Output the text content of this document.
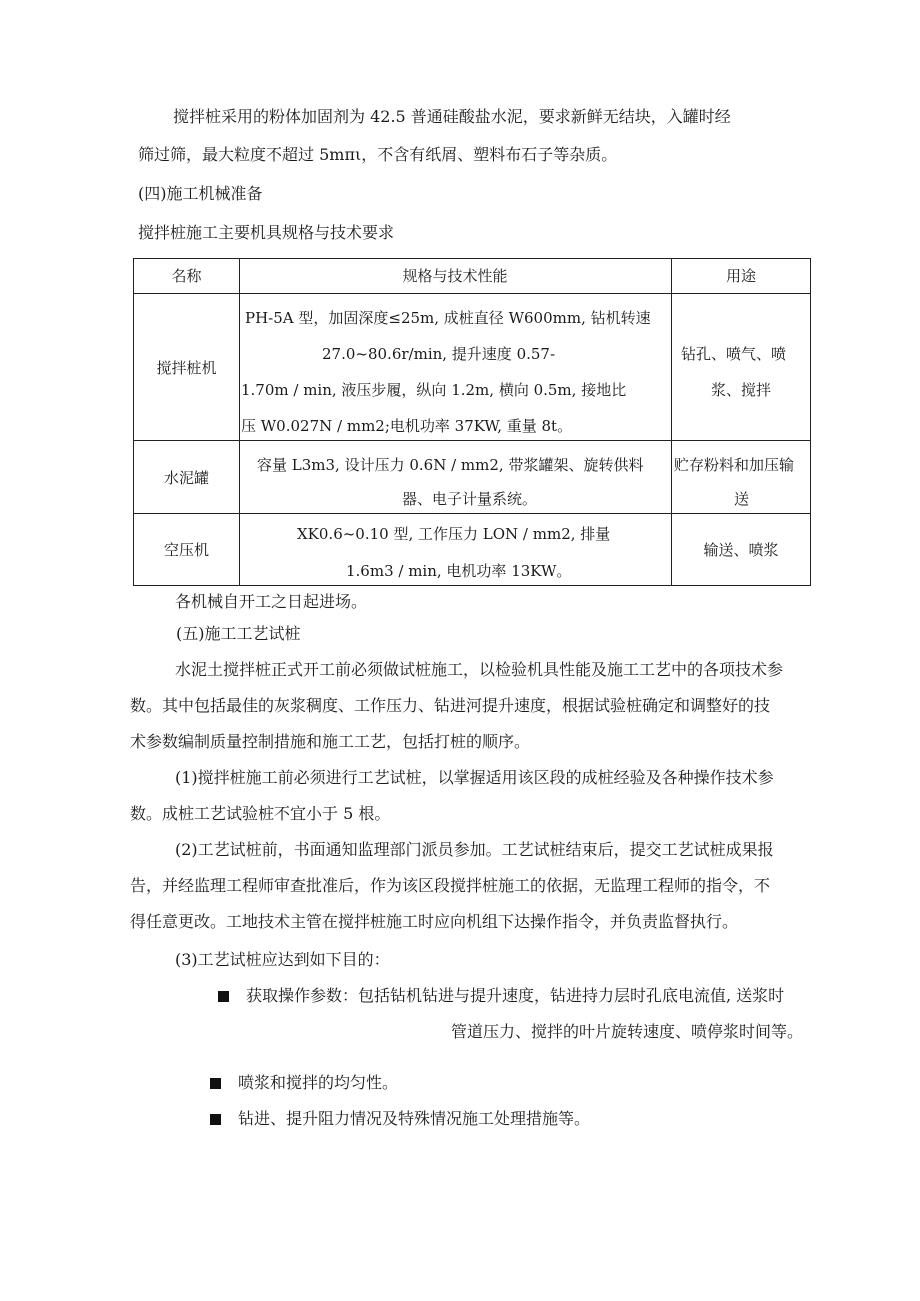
搅拌桩采用的粉体加固剂为 42.5 普通硅酸盐水泥，要求新鲜无结块，入罐时经
筛过筛，最大粒度不超过 5mπι，不含有纸屑、塑料布石子等杂质。
(四)施工机械准备
搅拌桩施工主要机具规格与技术要求
名称	规格与技术性能	用途
搅拌桩机
PH-5A 型，加固深度≤25m, 成桩直径 W600mm, 钻机转速
27.0~80.6r/min, 提升速度 0.57-
1.70m / min, 液压步履，纵向 1.2m, 横向 0.5m, 接地比
压 W0.027N / mm2;电机功率 37KW, 重量 8t。
钻孔、喷气、喷
浆、搅拌
水泥罐
容量 L3m3, 设计压力 0.6N / mm2, 带浆罐架、旋转供料
器、电子计量系统。
贮存粉料和加压输
送
空压机
XK0.6~0.10 型, 工作压力 LON / mm2, 排量
1.6m3 / min, 电机功率 13KW。
输送、喷浆
各机械自开工之日起进场。
(五)施工工艺试桩
水泥土搅拌桩正式开工前必须做试桩施工，以检验机具性能及施工工艺中的各项技术参
数。其中包括最佳的灰浆稠度、工作压力、钻进河提升速度，根据试验桩确定和调整好的技
术参数编制质量控制措施和施工工艺，包括打桩的顺序。
(1)搅拌桩施工前必须进行工艺试桩，以掌握适用该区段的成桩经验及各种操作技术参
数。成桩工艺试验桩不宜小于 5 根。
(2)工艺试桩前，书面通知监理部门派员参加。工艺试桩结束后，提交工艺试桩成果报
告，并经监理工程师审查批准后，作为该区段搅拌桩施工的依据，无监理工程师的指令，不
得任意更改。工地技术主管在搅拌桩施工时应向机组下达操作指令，并负责监督执行。
(3)工艺试桩应达到如下目的：
获取操作参数：包括钻机钻进与提升速度，钻进持力层时孔底电流值, 送浆时
管道压力、搅拌的叶片旋转速度、喷停浆时间等。
喷浆和搅拌的均匀性。
钻进、提升阻力情况及特殊情况施工处理措施等。
